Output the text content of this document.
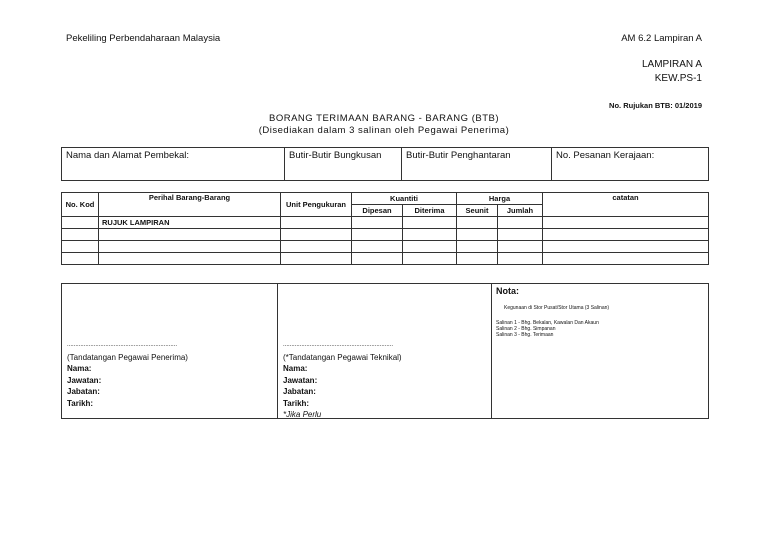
Pekeliling Perbendaharaan Malaysia	AM 6.2 Lampiran A
LAMPIRAN A
KEW.PS-1
No. Rujukan BTB: 01/2019
BORANG TERIMAAN BARANG - BARANG (BTB)
(Disediakan dalam 3 salinan oleh Pegawai Penerima)
Nama dan Alamat Pembekal:	Butir-Butir Bungkusan	Butir-Butir Penghantaran	No. Pesanan Kerajaan:
No. Kod	Perihal Barang-Barang	Unit Pengukuran	Kuantiti		Harga		catatan
			Dipesan	Diterima	Seunit	Jumlah	
	RUJUK LAMPIRAN						

..................................................................
(Tandatangan Pegawai Penerima)
Nama:
Jawatan:
Jabatan:
Tarikh:

..................................................................
(*Tandatangan Pegawai Teknikal)
Nama:
Jawatan:
Jabatan:
Tarikh:
*Jika Perlu

Nota:
Kegunaan di Stor Pusat/Stor Utama (3 Salinan)
Salinan 1 - Bhg. Bekalan, Kawalan Dan Akaun
Salinan 2 - Bhg. Simpanan
Salinan 3 - Bhg. Terimaan
